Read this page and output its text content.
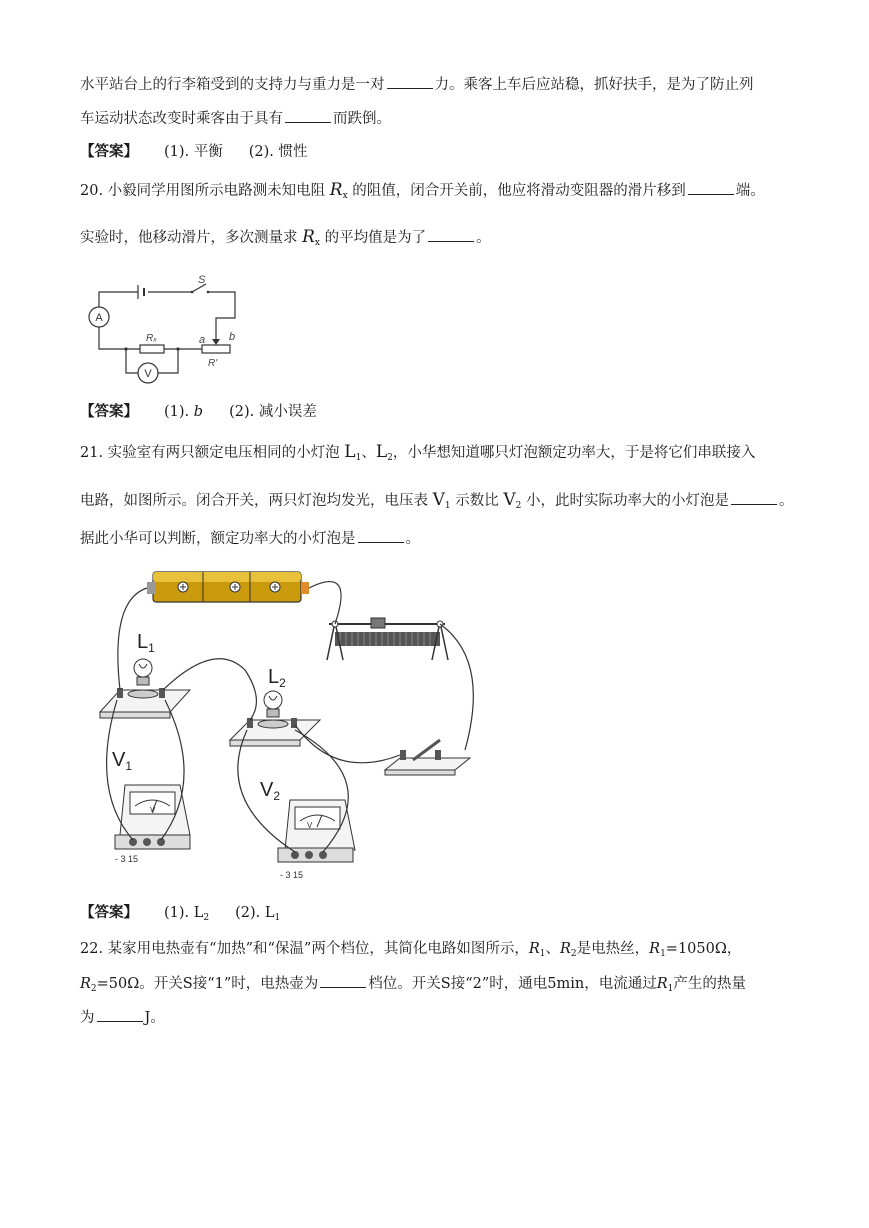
水平站台上的行李箱受到的支持力与重力是一对	力。乘客上车后应站稳，抓好扶手，是为了防止列
车运动状态改变时乘客由于具有	而跌倒。
【答案】 (1). 平衡 (2). 惯性
20. 小毅同学用图所示电路测未知电阻 $R_x$ 的阻值，闭合开关前，他应将滑动变阻器的滑片移到	端。
实验时，他移动滑片，多次测量求 $R_x$ 的平均值是为了	。
A
V
S
Rₓ	a b
R'
【答案】 (1). b (2). 减小误差
21. 实验室有两只额定电压相同的小灯泡 $L_1$、$L_2$，小华想知道哪只灯泡额定功率大，于是将它们串联接入
电路，如图所示。闭合开关，两只灯泡均发光，电压表 $V_1$ 示数比 $V_2$ 小，此时实际功率大的小灯泡是	。
据此小华可以判断，额定功率大的小灯泡是	。
V
- 3 15
V
- 3 15
$L_1$
$L_2$
$V_1$
$V_2$
【答案】 (1). $L_2$ (2). $L_1$
22. 某家用电热壶有“加热”和“保温”两个档位，其简化电路如图所示，$R_1$、$R_2$是电热丝，$R_1=1050\Omega$，
$R_2=50\Omega$。开关S接“1”时，电热壶为	档位。开关S接“2”时，通电5min，电流通过$R_1$产生的热量
为	J。
